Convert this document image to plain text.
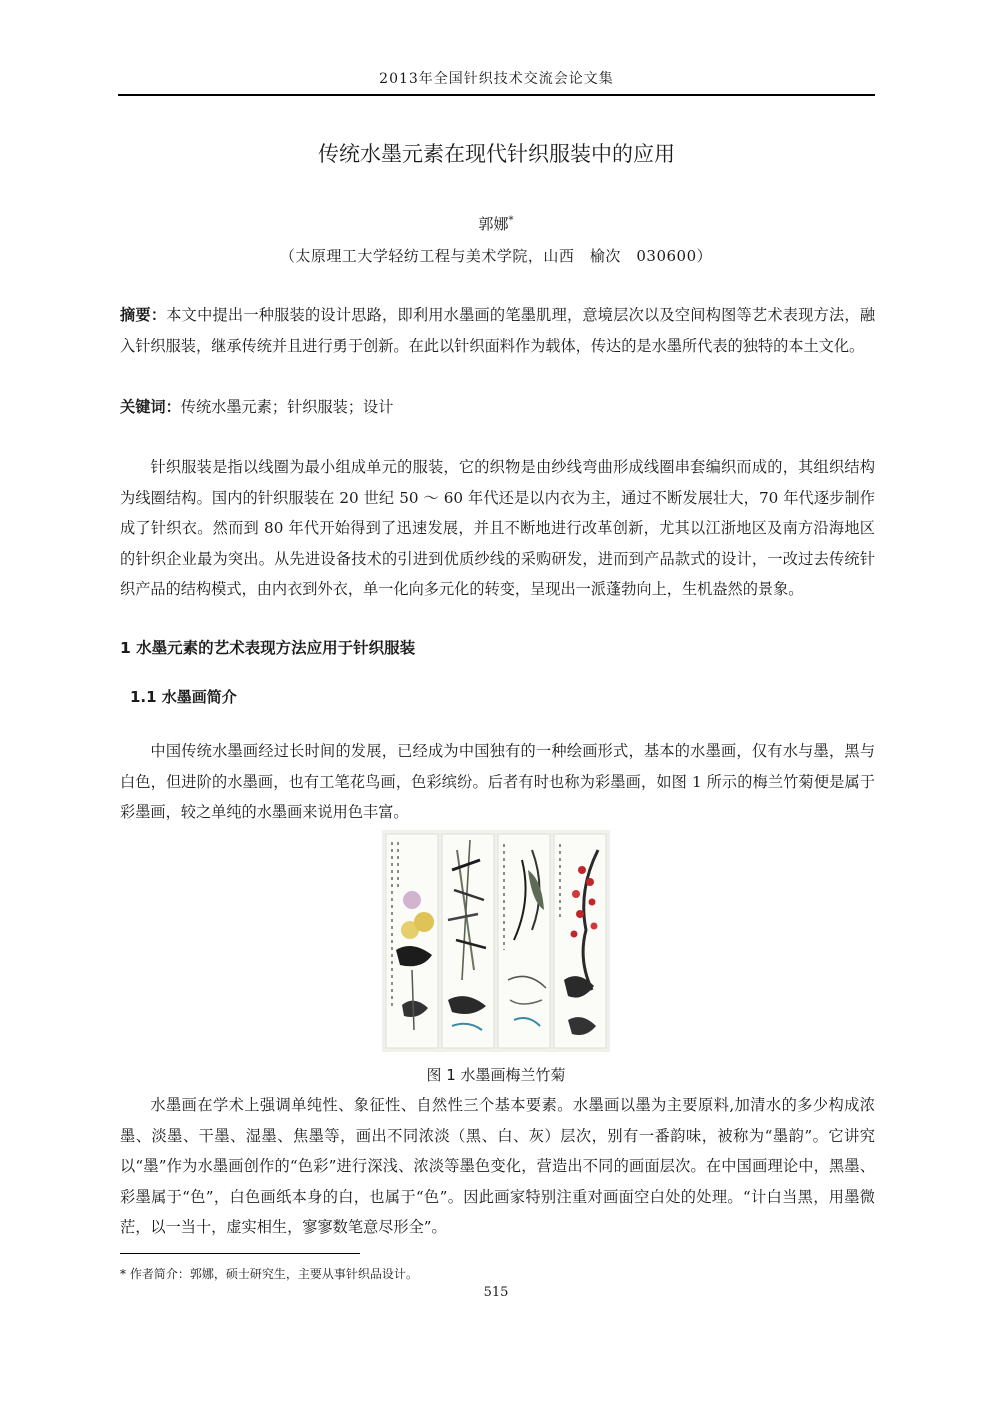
2013年全国针织技术交流会论文集
传统水墨元素在现代针织服装中的应用
郭娜*
（太原理工大学轻纺工程与美术学院，山西　榆次　030600）
摘要：本文中提出一种服装的设计思路，即利用水墨画的笔墨肌理，意境层次以及空间构图等艺术表现方法，融入针织服装，继承传统并且进行勇于创新。在此以针织面料作为载体，传达的是水墨所代表的独特的本土文化。
关键词：传统水墨元素；针织服装；设计
针织服装是指以线圈为最小组成单元的服装，它的织物是由纱线弯曲形成线圈串套编织而成的，其组织结构为线圈结构。国内的针织服装在 20 世纪 50 ～ 60 年代还是以内衣为主，通过不断发展壮大，70 年代逐步制作成了针织衣。然而到 80 年代开始得到了迅速发展，并且不断地进行改革创新，尤其以江浙地区及南方沿海地区的针织企业最为突出。从先进设备技术的引进到优质纱线的采购研发，进而到产品款式的设计，一改过去传统针织产品的结构模式，由内衣到外衣，单一化向多元化的转变，呈现出一派蓬勃向上，生机盎然的景象。
1 水墨元素的艺术表现方法应用于针织服装
1.1 水墨画简介
中国传统水墨画经过长时间的发展，已经成为中国独有的一种绘画形式，基本的水墨画，仅有水与墨，黑与白色，但进阶的水墨画，也有工笔花鸟画，色彩缤纷。后者有时也称为彩墨画，如图 1 所示的梅兰竹菊便是属于彩墨画，较之单纯的水墨画来说用色丰富。
图 1 水墨画梅兰竹菊
水墨画在学术上强调单纯性、象征性、自然性三个基本要素。水墨画以墨为主要原料,加清水的多少构成浓墨、淡墨、干墨、湿墨、焦墨等，画出不同浓淡（黑、白、灰）层次，别有一番韵味，被称为“墨韵”。它讲究以“墨”作为水墨画创作的“色彩”进行深浅、浓淡等墨色变化，营造出不同的画面层次。在中国画理论中，黑墨、彩墨属于“色”，白色画纸本身的白，也属于“色”。因此画家特别注重对画面空白处的处理。“计白当黑，用墨微茫，以一当十，虚实相生，寥寥数笔意尽形全”。
* 作者简介：郭娜，硕士研究生，主要从事针织品设计。
515
